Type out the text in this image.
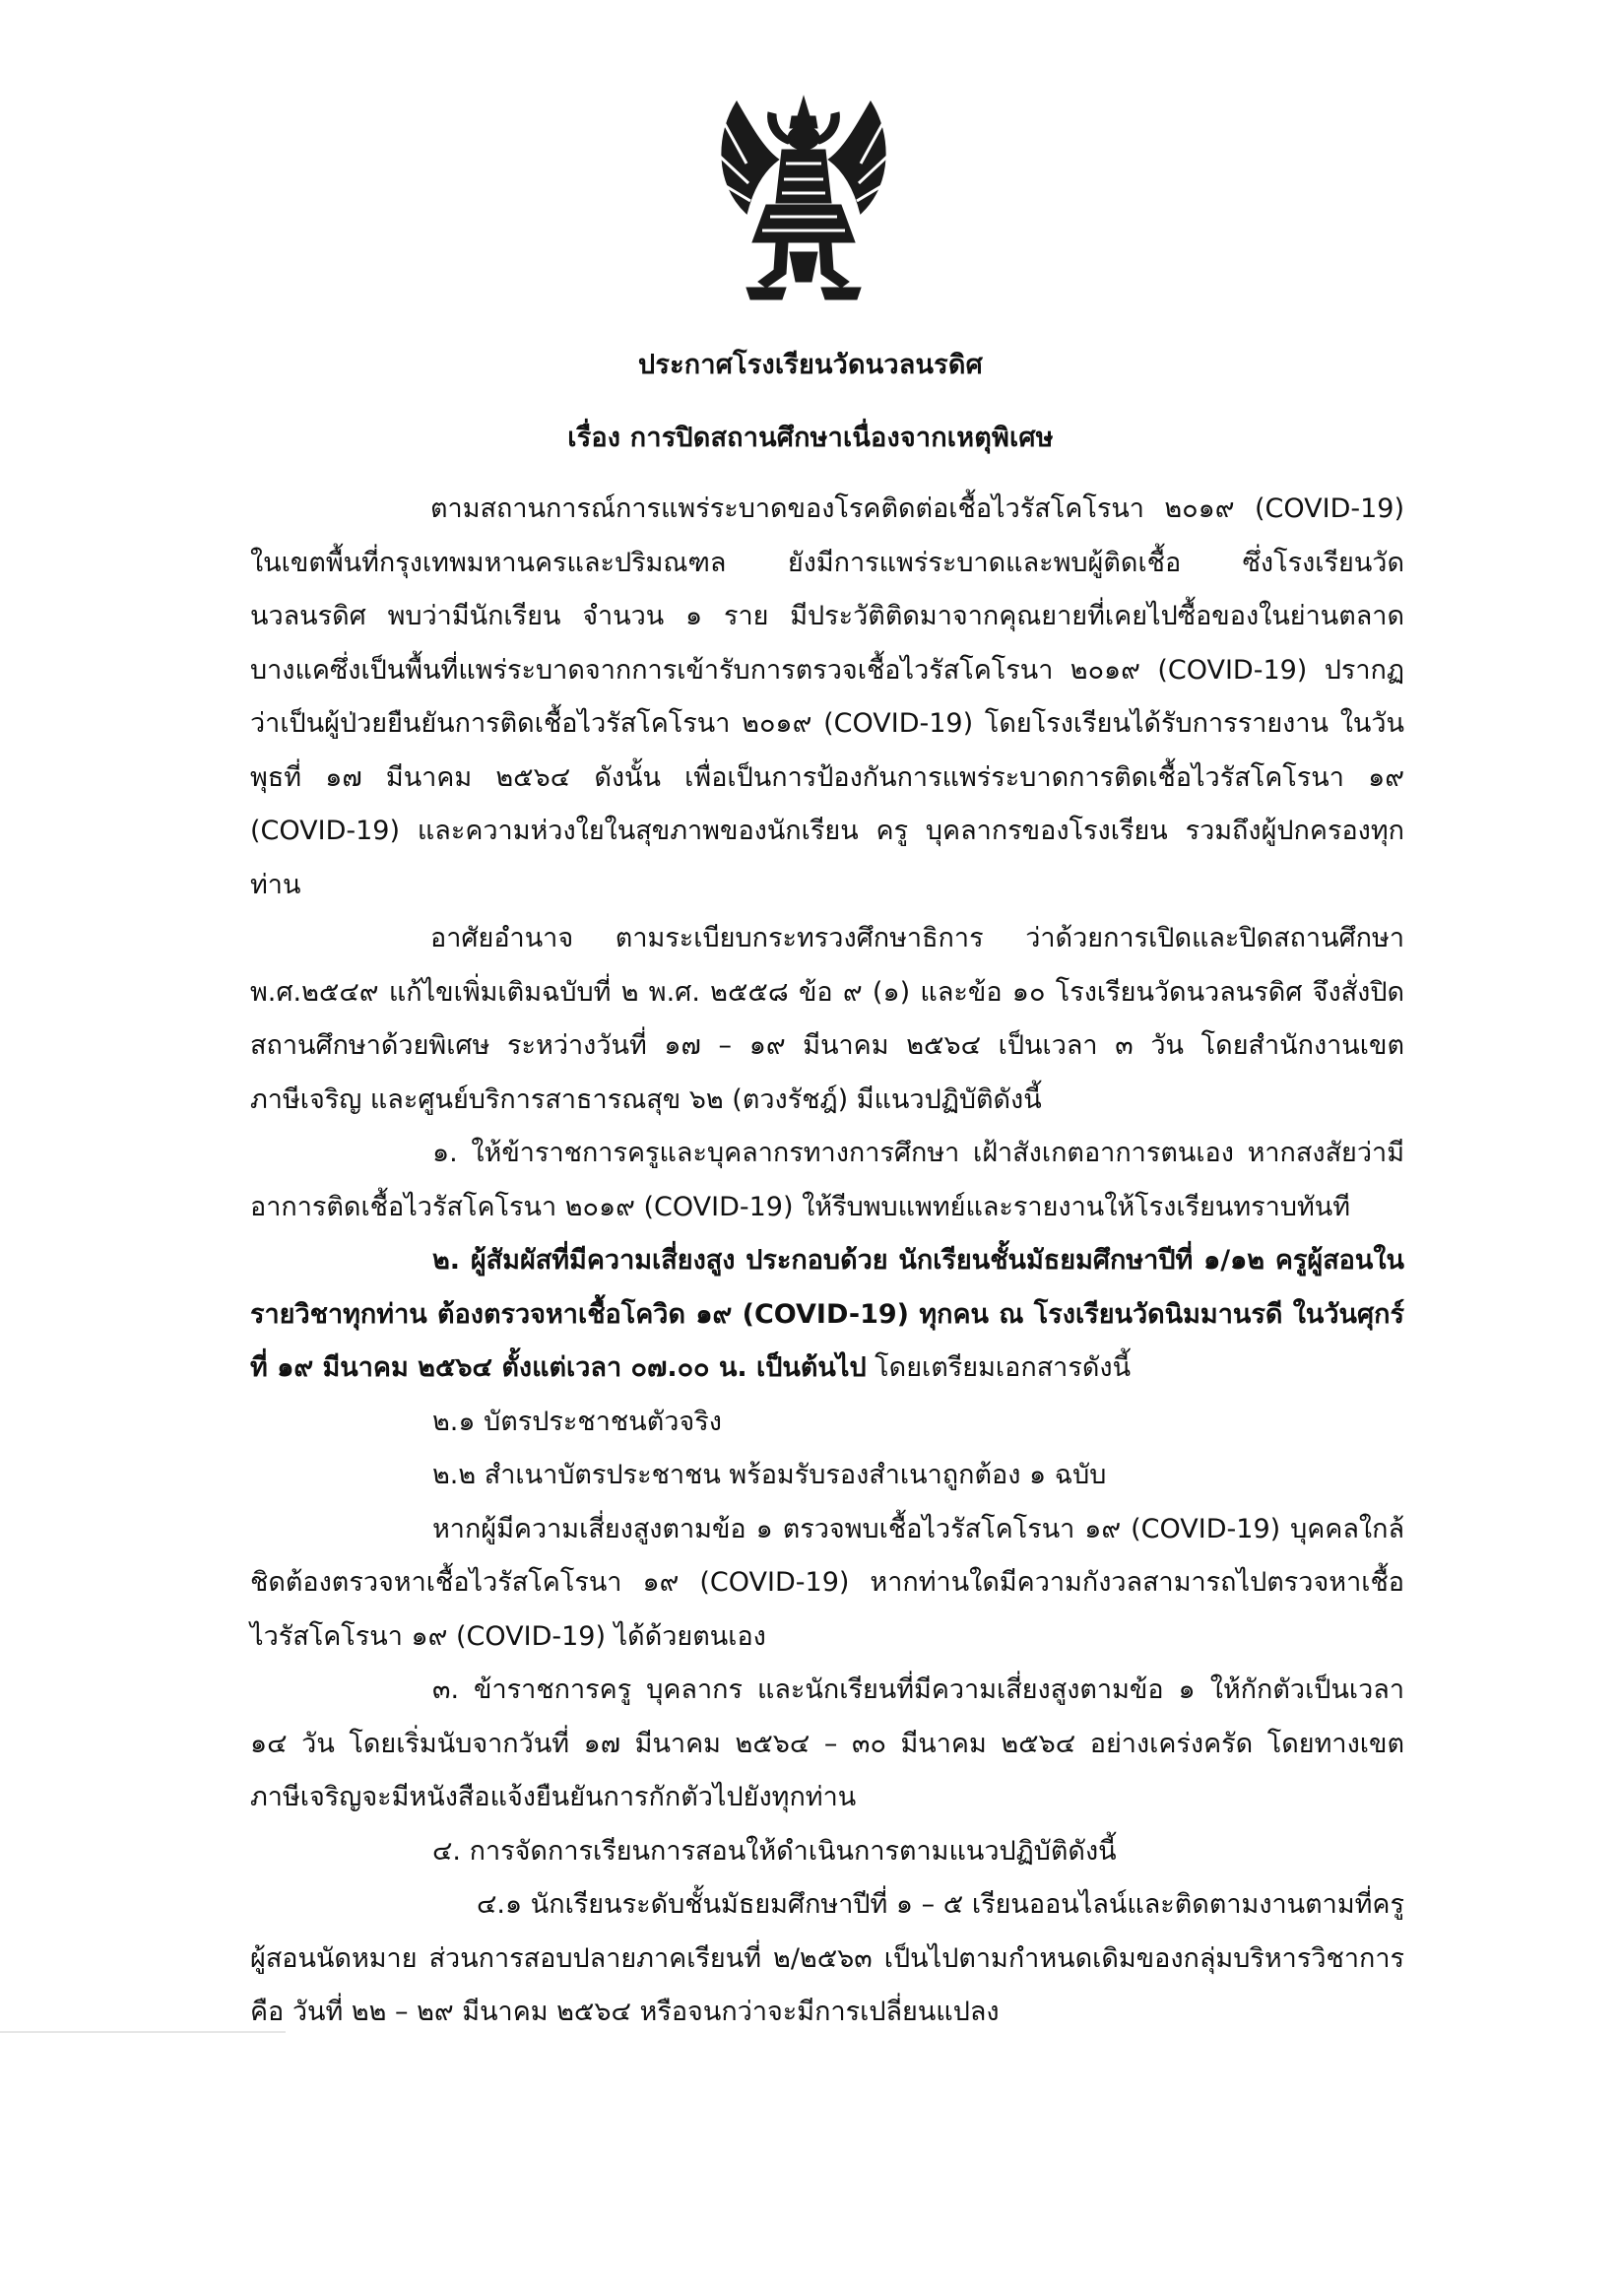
ประกาศโรงเรียนวัดนวลนรดิศ
เรื่อง การปิดสถานศึกษาเนื่องจากเหตุพิเศษ

ตามสถานการณ์การแพร่ระบาดของโรคติดต่อเชื้อไวรัสโคโรนา ๒๐๑๙ (COVID-19) ในเขตพื้นที่กรุงเทพมหานครและปริมณฑล ยังมีการแพร่ระบาดและพบผู้ติดเชื้อ ซึ่งโรงเรียนวัดนวลนรดิศ พบว่ามีนักเรียน จำนวน ๑ ราย มีประวัติติดมาจากคุณยายที่เคยไปซื้อของในย่านตลาดบางแคซึ่งเป็นพื้นที่แพร่ระบาดจากการเข้ารับการตรวจเชื้อไวรัสโคโรนา ๒๐๑๙ (COVID-19) ปรากฏว่าเป็นผู้ป่วยยืนยันการติดเชื้อไวรัสโคโรนา ๒๐๑๙ (COVID-19) โดยโรงเรียนได้รับการรายงาน ในวันพุธที่ ๑๗ มีนาคม ๒๕๖๔ ดังนั้น เพื่อเป็นการป้องกันการแพร่ระบาดการติดเชื้อไวรัสโคโรนา ๑๙ (COVID-19) และความห่วงใยในสุขภาพของนักเรียน ครู บุคลากรของโรงเรียน รวมถึงผู้ปกครองทุกท่าน

อาศัยอำนาจ ตามระเบียบกระทรวงศึกษาธิการ ว่าด้วยการเปิดและปิดสถานศึกษา พ.ศ.๒๕๔๙ แก้ไขเพิ่มเติมฉบับที่ ๒ พ.ศ. ๒๕๕๘ ข้อ ๙ (๑) และข้อ ๑๐ โรงเรียนวัดนวลนรดิศ จึงสั่งปิดสถานศึกษาด้วยพิเศษ ระหว่างวันที่ ๑๗ – ๑๙ มีนาคม ๒๕๖๔ เป็นเวลา ๓ วัน โดยสำนักงานเขตภาษีเจริญ และศูนย์บริการสาธารณสุข ๖๒ (ตวงรัชฎ์) มีแนวปฏิบัติดังนี้

๑. ให้ข้าราชการครูและบุคลากรทางการศึกษา เฝ้าสังเกตอาการตนเอง หากสงสัยว่ามีอาการติดเชื้อไวรัสโคโรนา ๒๐๑๙ (COVID-19) ให้รีบพบแพทย์และรายงานให้โรงเรียนทราบทันที

๒. ผู้สัมผัสที่มีความเสี่ยงสูง ประกอบด้วย นักเรียนชั้นมัธยมศึกษาปีที่ ๑/๑๒ ครูผู้สอนในรายวิชาทุกท่าน ต้องตรวจหาเชื้อโควิด ๑๙ (COVID-19) ทุกคน ณ โรงเรียนวัดนิมมานรดี ในวันศุกร์ที่ ๑๙ มีนาคม ๒๕๖๔ ตั้งแต่เวลา ๐๗.๐๐ น. เป็นต้นไป โดยเตรียมเอกสารดังนี้

๒.๑ บัตรประชาชนตัวจริง

๒.๒ สำเนาบัตรประชาชน พร้อมรับรองสำเนาถูกต้อง ๑ ฉบับ

หากผู้มีความเสี่ยงสูงตามข้อ ๑ ตรวจพบเชื้อไวรัสโคโรนา ๑๙ (COVID-19) บุคคลใกล้ชิดต้องตรวจหาเชื้อไวรัสโคโรนา ๑๙ (COVID-19) หากท่านใดมีความกังวลสามารถไปตรวจหาเชื้อไวรัสโคโรนา ๑๙ (COVID-19) ได้ด้วยตนเอง

๓. ข้าราชการครู บุคลากร และนักเรียนที่มีความเสี่ยงสูงตามข้อ ๑ ให้กักตัวเป็นเวลา ๑๔ วัน โดยเริ่มนับจากวันที่ ๑๗ มีนาคม ๒๕๖๔ – ๓๐ มีนาคม ๒๕๖๔ อย่างเคร่งครัด โดยทางเขตภาษีเจริญจะมีหนังสือแจ้งยืนยันการกักตัวไปยังทุกท่าน

๔. การจัดการเรียนการสอนให้ดำเนินการตามแนวปฏิบัติดังนี้

๔.๑ นักเรียนระดับชั้นมัธยมศึกษาปีที่ ๑ – ๕ เรียนออนไลน์และติดตามงานตามที่ครูผู้สอนนัดหมาย ส่วนการสอบปลายภาคเรียนที่ ๒/๒๕๖๓ เป็นไปตามกำหนดเดิมของกลุ่มบริหารวิชาการ คือ วันที่ ๒๒ – ๒๙ มีนาคม ๒๕๖๔ หรือจนกว่าจะมีการเปลี่ยนแปลง
